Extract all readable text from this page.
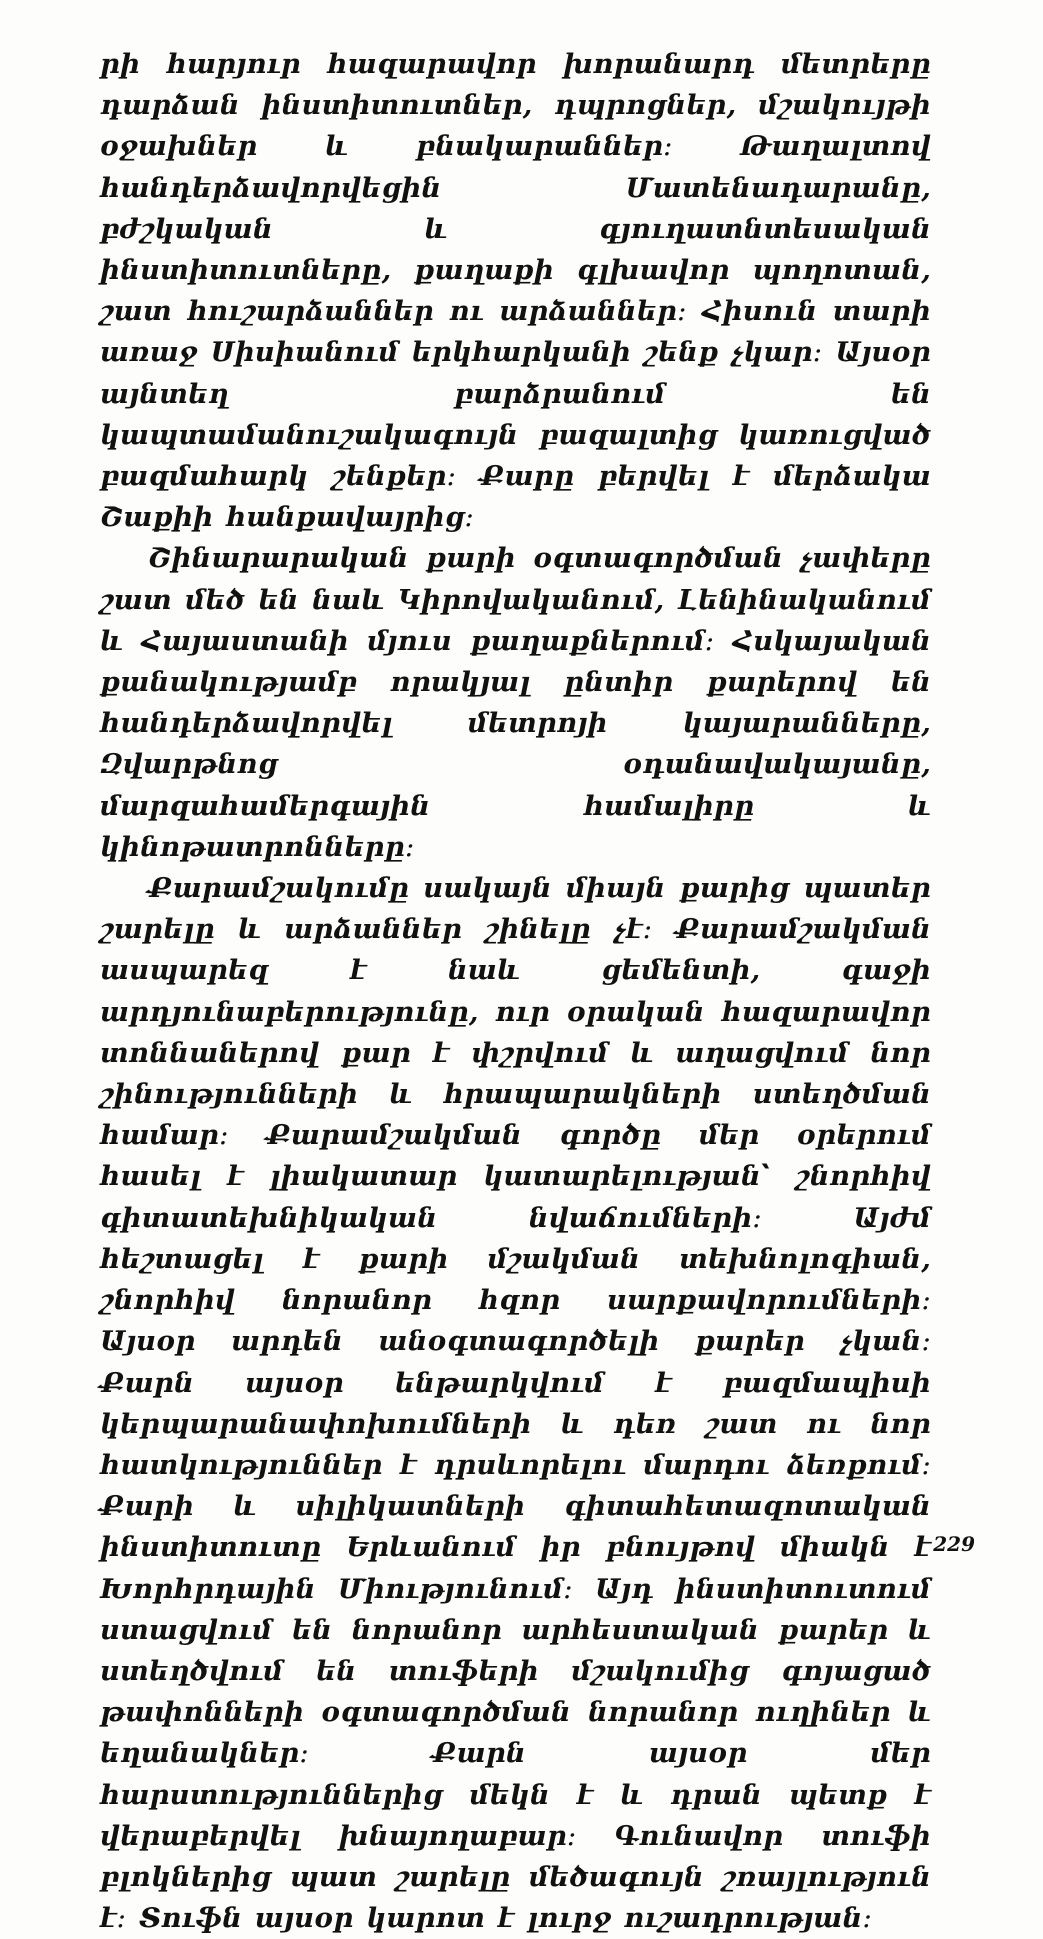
րի հարյուր հազարավոր խորանարդ մետրերը դարձան ինստիտուտներ, դպրոցներ, մշակույթի օջախներ և բնակարաններ։ Թաղալտով հանդերձավորվեցին Մատենադարանը, բժշկական և գյուղատնտեսական ինստիտուտները, քաղաքի գլխավոր պողոտան, շատ հուշարձաններ ու արձաններ։ Հիսուն տարի առաջ Սիսիանում երկհարկանի շենք չկար։ Այսօր այնտեղ բարձրանում են կապտամանուշակագույն բազալտից կառուցված բազմահարկ շենքեր։ Քարը բերվել է մերձակա Շաքիի հանքավայրից։

Շինարարական քարի օգտագործման չափերը շատ մեծ են նաև Կիրովականում, Լենինականում և Հայաստանի մյուս քաղաքներում։ Հսկայական քանակությամբ որակյալ ընտիր քարերով են հանդերձավորվել մետրոյի կայարանները, Զվարթնոց օդանավակայանը, մարզահամերգային համալիրը և կինոթատրոնները։

Քարամշակումը սակայն միայն քարից պատեր շարելը և արձաններ շինելը չէ։ Քարամշակման ասպարեզ է նաև ցեմենտի, գաջի արդյունաբերությունը, ուր օրական հազարավոր տոննաներով քար է փշրվում և աղացվում նոր շինությունների և հրապարակների ստեղծման համար։ Քարամշակման գործը մեր օրերում հասել է լիակատար կատարելության՝ շնորհիվ գիտատեխնիկական նվաճումների։ Այժմ հեշտացել է քարի մշակման տեխնոլոգիան, շնորհիվ նորանոր հզոր սարքավորումների։ Այսօր արդեն անօգտագործելի քարեր չկան։ Քարն այսօր ենթարկվում է բազմապիսի կերպարանափոխումների և դեռ շատ ու նոր հատկություններ է դրսևորելու մարդու ձեռքում։ Քարի և սիլիկատների գիտահետազոտական ինստիտուտը Երևանում իր բնույթով միակն է Խորհրդային Միությունում։ Այդ ինստիտուտում ստացվում են նորանոր արհեստական քարեր և ստեղծվում են տուֆերի մշակումից գոյացած թափոնների օգտագործման նորանոր ուղիներ և եղանակներ։ Քարն այսօր մեր հարստություններից մեկն է և դրան պետք է վերաբերվել խնայողաբար։ Գունավոր տուֆի բլոկներից պատ շարելը մեծագույն շռայլություն է։ Տուֆն այսօր կարոտ է լուրջ ուշադրության։

229
